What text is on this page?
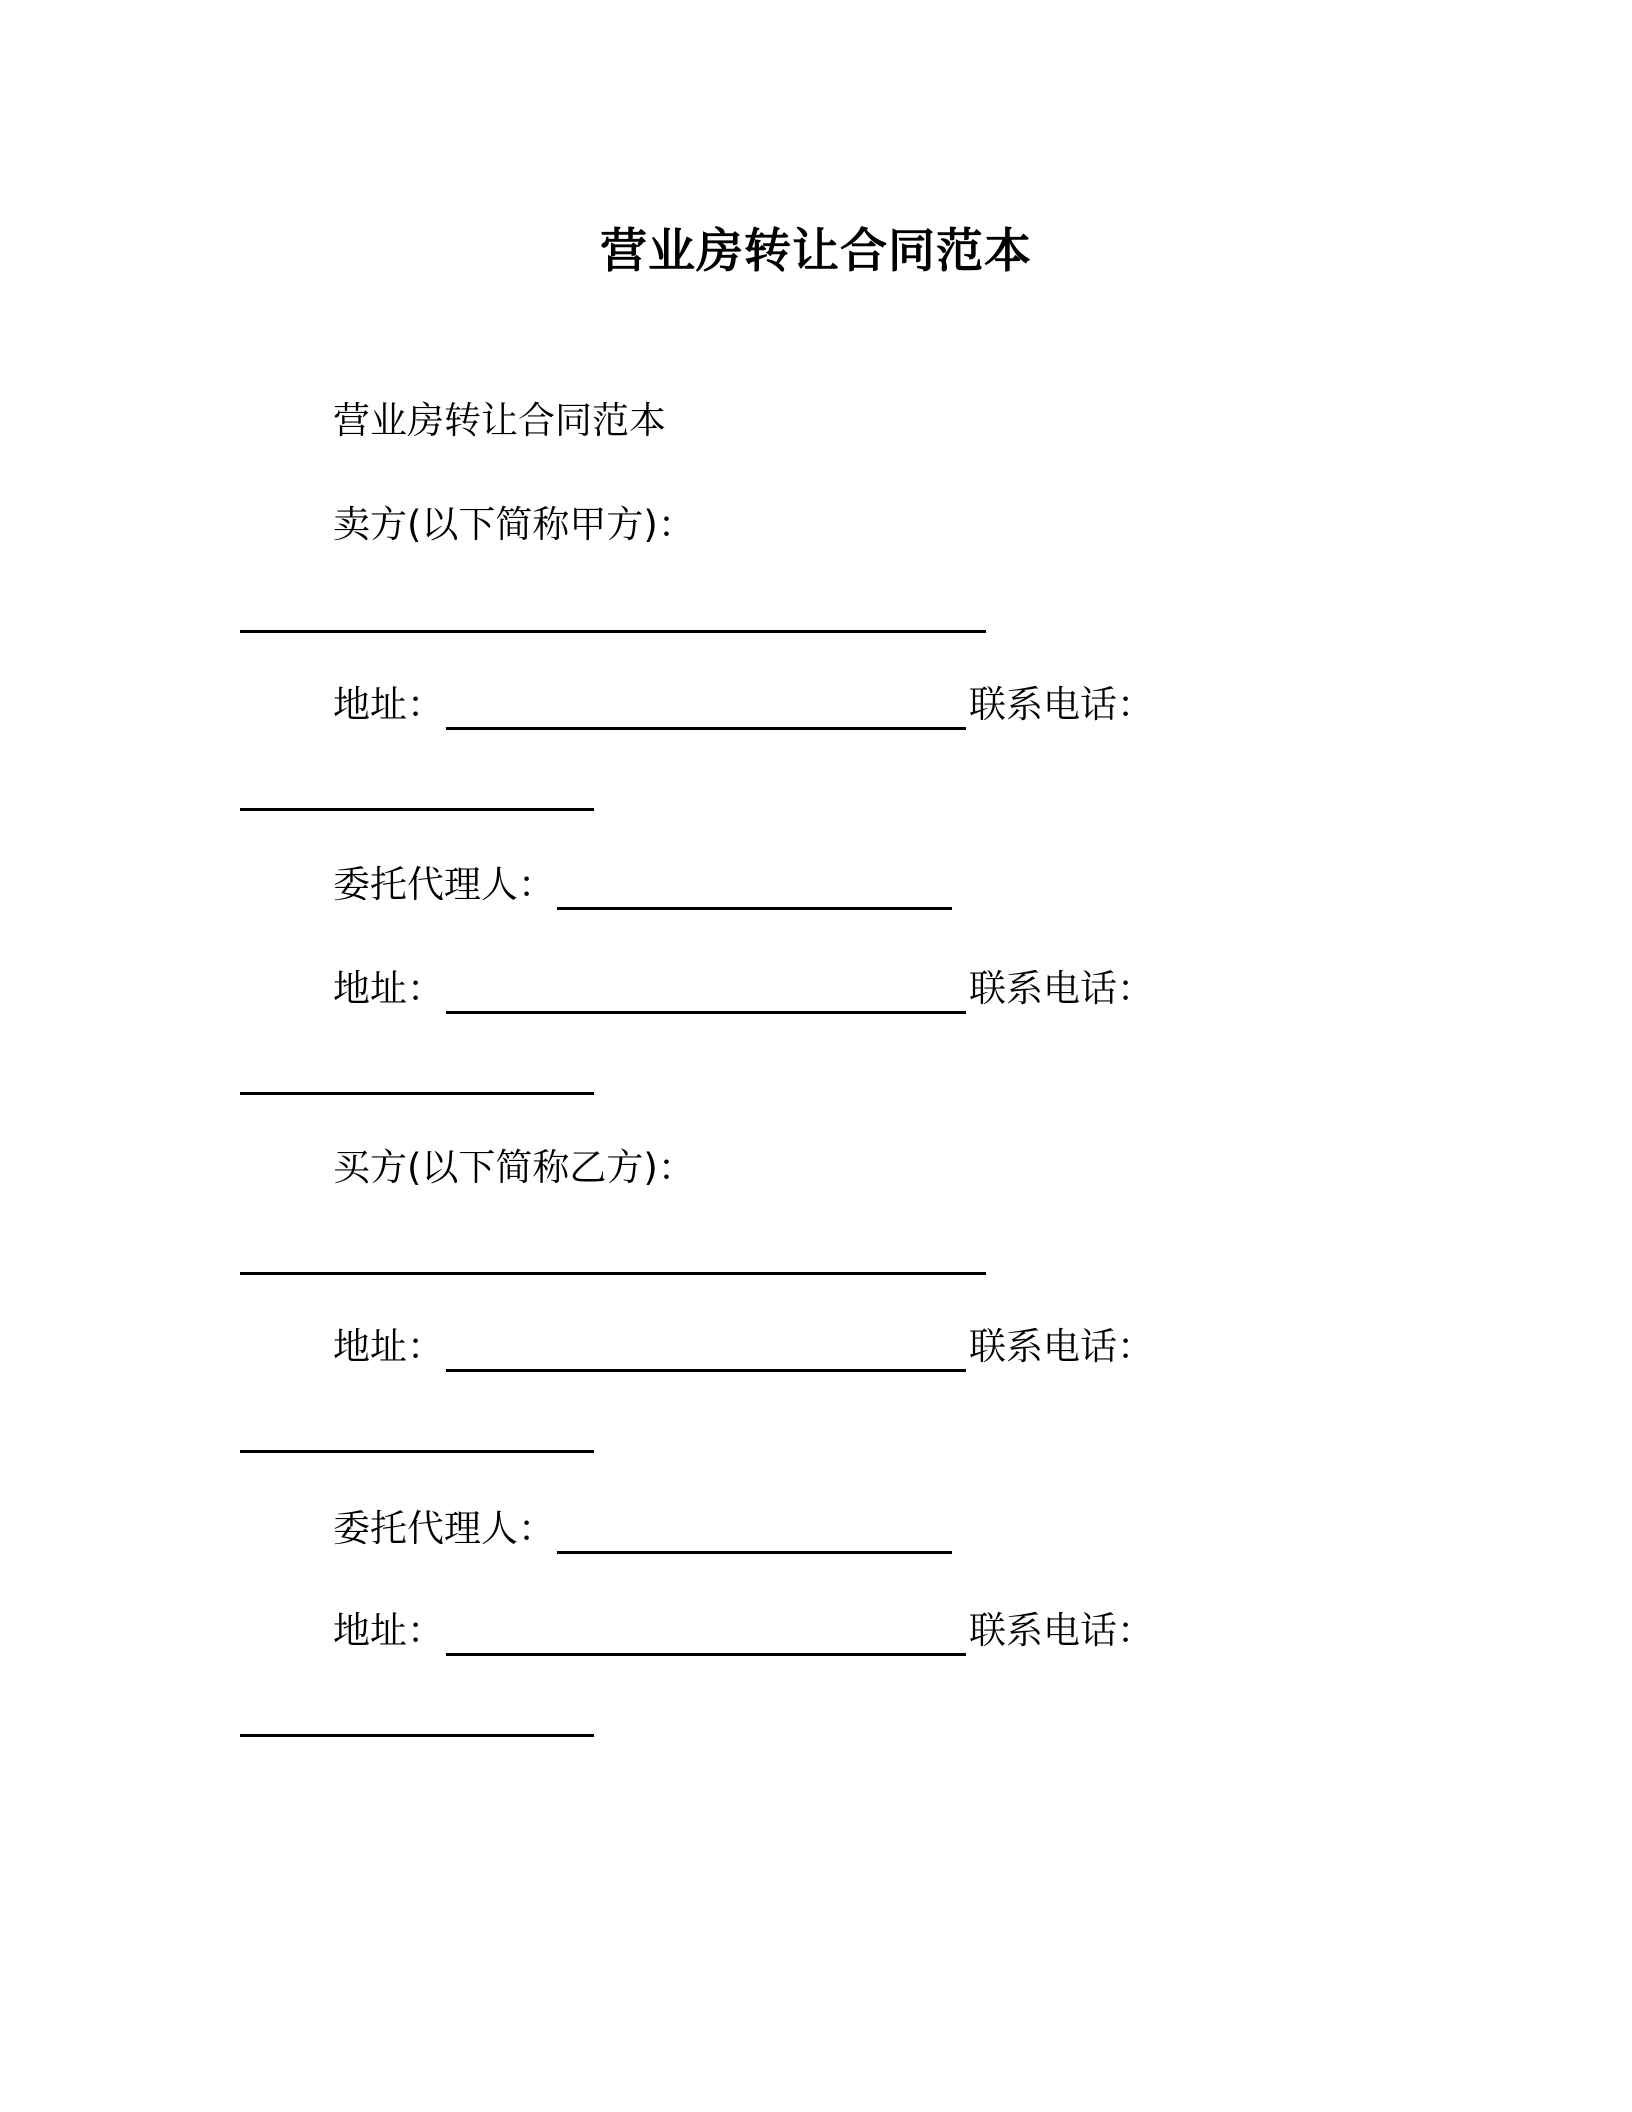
营业房转让合同范本
营业房转让合同范本
卖方(以下简称甲方)：
地址：	联系电话：
委托代理人：
地址：	联系电话：
买方(以下简称乙方)：
地址：	联系电话：
委托代理人：
地址：	联系电话：
